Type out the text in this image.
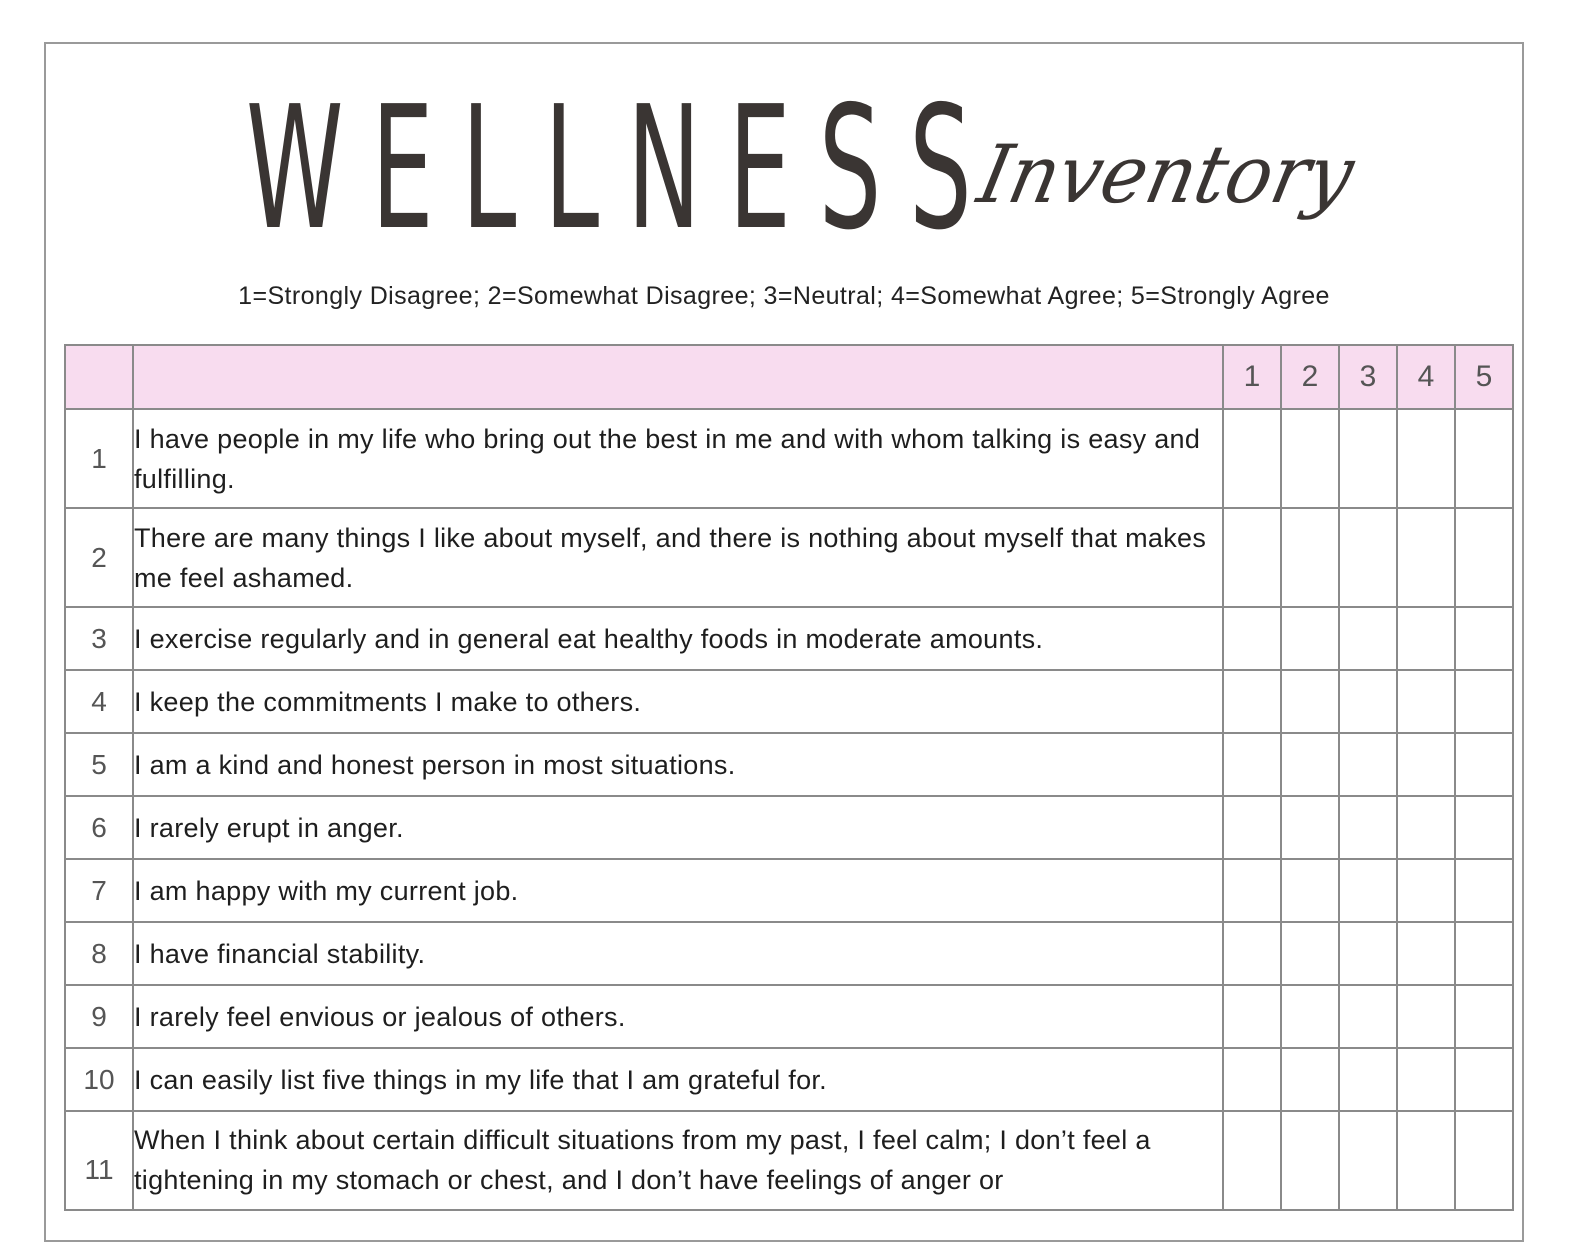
WELLNESS
Inventory
1=Strongly Disagree; 2=Somewhat Disagree; 3=Neutral; 4=Somewhat Agree; 5=Strongly Agree
		1	2	3	4	5
1	I have people in my life who bring out the best in me and with whom talking is easy and fulfilling.					
2	There are many things I like about myself, and there is nothing about myself that makes me feel ashamed.					
3	I exercise regularly and in general eat healthy foods in moderate amounts.					
4	I keep the commitments I make to others.					
5	I am a kind and honest person in most situations.					
6	I rarely erupt in anger.					
7	I am happy with my current job.					
8	I have financial stability.					
9	I rarely feel envious or jealous of others.					
10	I can easily list five things in my life that I am grateful for.					
11	When I think about certain difficult situations from my past, I feel calm; I don’t feel a tightening in my stomach or chest, and I don’t have feelings of anger or					
